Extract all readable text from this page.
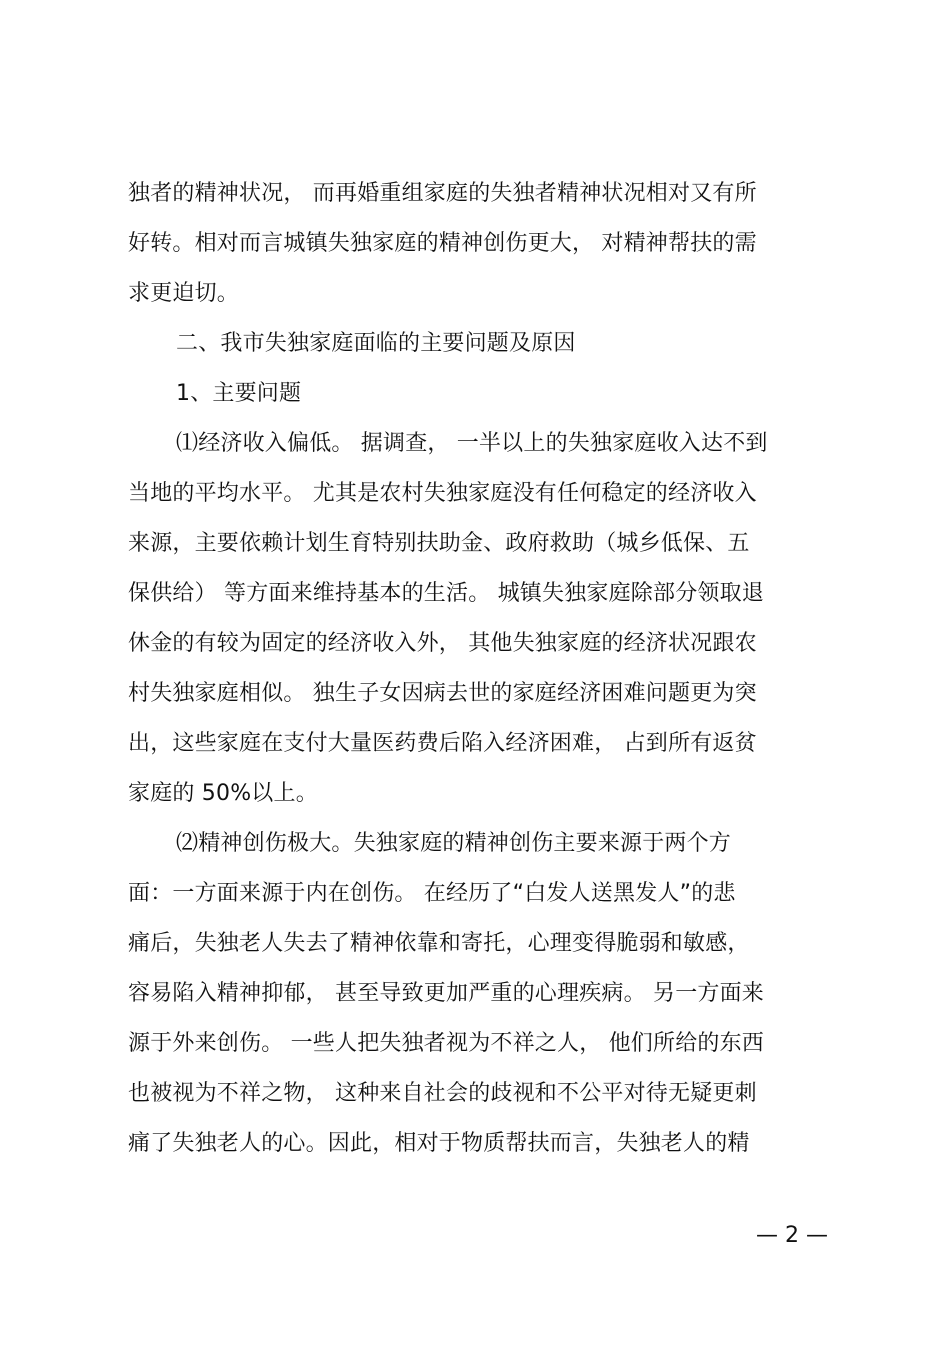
独者的精神状况， 而再婚重组家庭的失独者精神状况相对又有所
好转。相对而言城镇失独家庭的精神创伤更大， 对精神帮扶的需
求更迫切。
二、我市失独家庭面临的主要问题及原因
1、主要问题
⑴经济收入偏低。 据调查， 一半以上的失独家庭收入达不到
当地的平均水平。 尤其是农村失独家庭没有任何稳定的经济收入
来源，主要依赖计划生育特别扶助金、政府救助（城乡低保、五
保供给） 等方面来维持基本的生活。 城镇失独家庭除部分领取退
休金的有较为固定的经济收入外， 其他失独家庭的经济状况跟农
村失独家庭相似。 独生子女因病去世的家庭经济困难问题更为突
出，这些家庭在支付大量医药费后陷入经济困难， 占到所有返贫
家庭的 50%以上。
⑵精神创伤极大。失独家庭的精神创伤主要来源于两个方
面：一方面来源于内在创伤。 在经历了“白发人送黑发人”的悲
痛后，失独老人失去了精神依靠和寄托，心理变得脆弱和敏感，
容易陷入精神抑郁， 甚至导致更加严重的心理疾病。 另一方面来
源于外来创伤。 一些人把失独者视为不祥之人， 他们所给的东西
也被视为不祥之物， 这种来自社会的歧视和不公平对待无疑更刺
痛了失独老人的心。因此，相对于物质帮扶而言，失独老人的精
— 2 —
